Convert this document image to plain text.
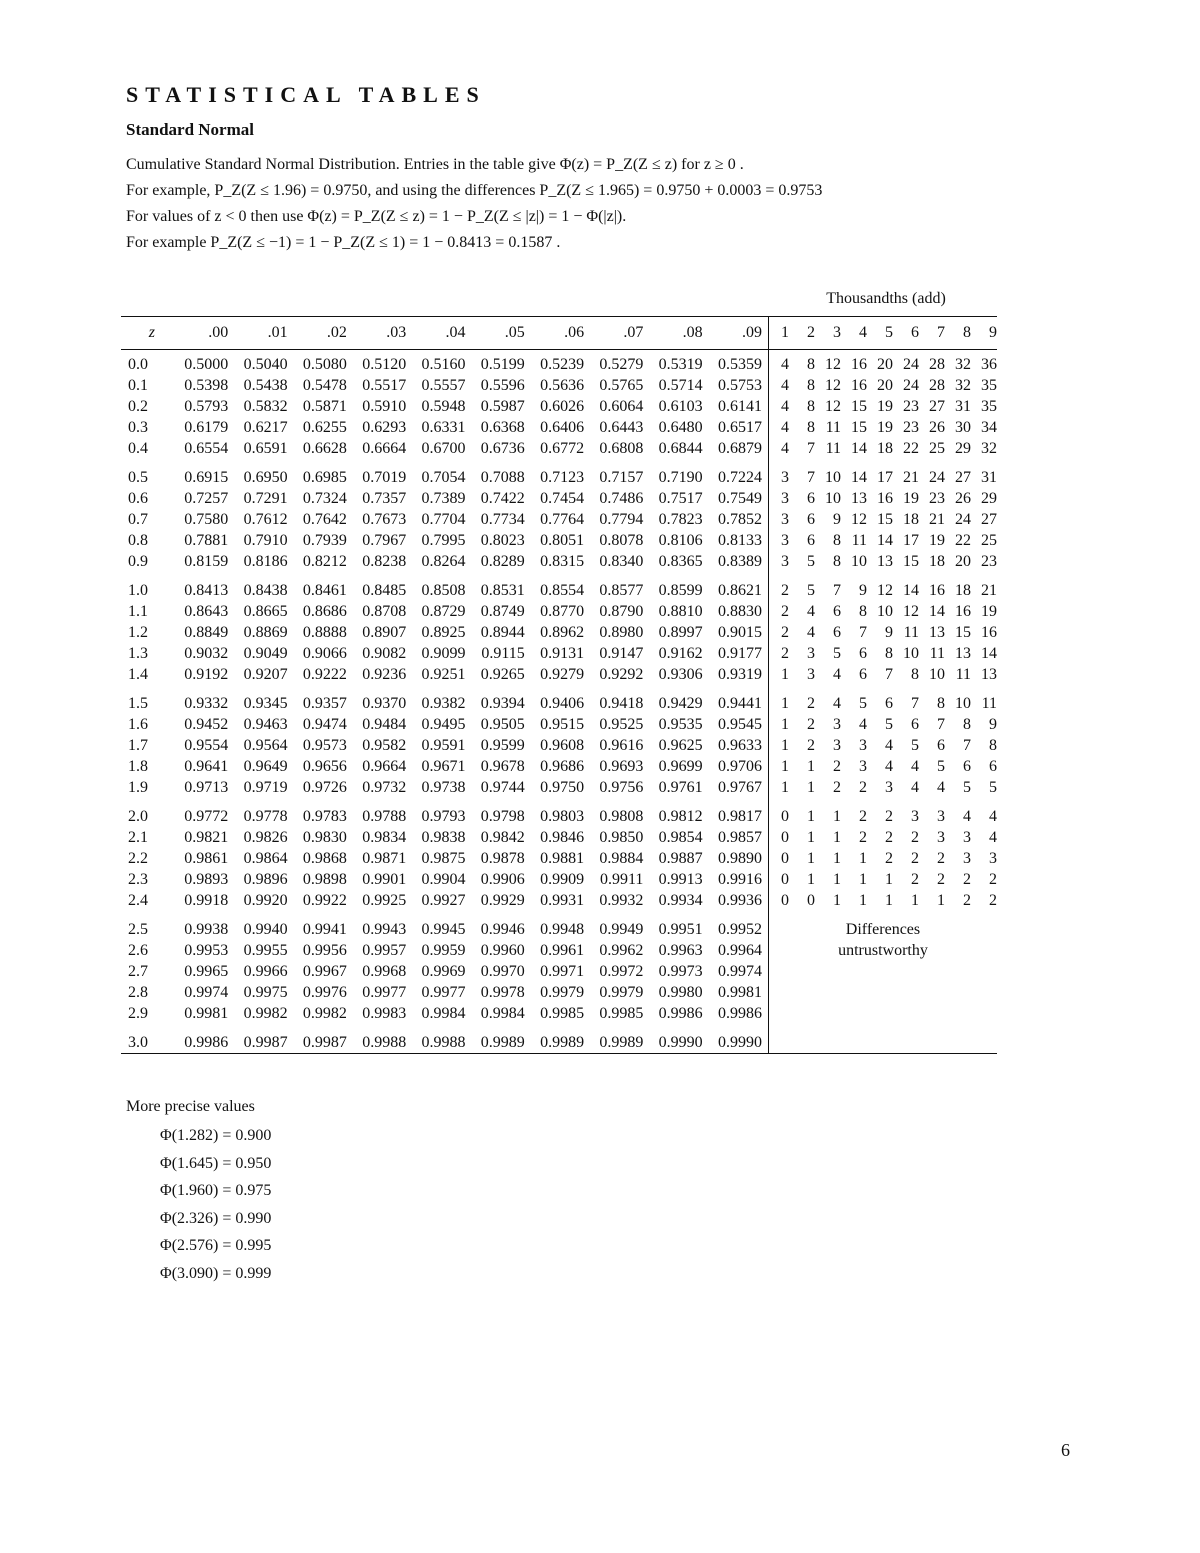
STATISTICAL TABLES
Standard Normal
Cumulative Standard Normal Distribution. Entries in the table give Φ(z) = P_Z(Z ≤ z) for z ≥ 0 .
For example, P_Z(Z ≤ 1.96) = 0.9750, and using the differences P_Z(Z ≤ 1.965) = 0.9750 + 0.0003 = 0.9753
For values of z < 0 then use Φ(z) = P_Z(Z ≤ z) = 1 − P_Z(Z ≤ |z|) = 1 − Φ(|z|).
For example P_Z(Z ≤ −1) = 1 − P_Z(Z ≤ 1) = 1 − 0.8413 = 0.1587 .
Thousandths (add)
z		.00	.01	.02	.03	.04	.05	.06	.07	.08	.09		1	2	3	4	5	6	7	8	9
0.0		0.5000	0.5040	0.5080	0.5120	0.5160	0.5199	0.5239	0.5279	0.5319	0.5359		4	8	12	16	20	24	28	32	36
0.1		0.5398	0.5438	0.5478	0.5517	0.5557	0.5596	0.5636	0.5765	0.5714	0.5753		4	8	12	16	20	24	28	32	35
0.2		0.5793	0.5832	0.5871	0.5910	0.5948	0.5987	0.6026	0.6064	0.6103	0.6141		4	8	12	15	19	23	27	31	35
0.3		0.6179	0.6217	0.6255	0.6293	0.6331	0.6368	0.6406	0.6443	0.6480	0.6517		4	8	11	15	19	23	26	30	34
0.4		0.6554	0.6591	0.6628	0.6664	0.6700	0.6736	0.6772	0.6808	0.6844	0.6879		4	7	11	14	18	22	25	29	32
0.5		0.6915	0.6950	0.6985	0.7019	0.7054	0.7088	0.7123	0.7157	0.7190	0.7224		3	7	10	14	17	21	24	27	31
0.6		0.7257	0.7291	0.7324	0.7357	0.7389	0.7422	0.7454	0.7486	0.7517	0.7549		3	6	10	13	16	19	23	26	29
0.7		0.7580	0.7612	0.7642	0.7673	0.7704	0.7734	0.7764	0.7794	0.7823	0.7852		3	6	9	12	15	18	21	24	27
0.8		0.7881	0.7910	0.7939	0.7967	0.7995	0.8023	0.8051	0.8078	0.8106	0.8133		3	6	8	11	14	17	19	22	25
0.9		0.8159	0.8186	0.8212	0.8238	0.8264	0.8289	0.8315	0.8340	0.8365	0.8389		3	5	8	10	13	15	18	20	23
1.0		0.8413	0.8438	0.8461	0.8485	0.8508	0.8531	0.8554	0.8577	0.8599	0.8621		2	5	7	9	12	14	16	18	21
1.1		0.8643	0.8665	0.8686	0.8708	0.8729	0.8749	0.8770	0.8790	0.8810	0.8830		2	4	6	8	10	12	14	16	19
1.2		0.8849	0.8869	0.8888	0.8907	0.8925	0.8944	0.8962	0.8980	0.8997	0.9015		2	4	6	7	9	11	13	15	16
1.3		0.9032	0.9049	0.9066	0.9082	0.9099	0.9115	0.9131	0.9147	0.9162	0.9177		2	3	5	6	8	10	11	13	14
1.4		0.9192	0.9207	0.9222	0.9236	0.9251	0.9265	0.9279	0.9292	0.9306	0.9319		1	3	4	6	7	8	10	11	13
1.5		0.9332	0.9345	0.9357	0.9370	0.9382	0.9394	0.9406	0.9418	0.9429	0.9441		1	2	4	5	6	7	8	10	11
1.6		0.9452	0.9463	0.9474	0.9484	0.9495	0.9505	0.9515	0.9525	0.9535	0.9545		1	2	3	4	5	6	7	8	9
1.7		0.9554	0.9564	0.9573	0.9582	0.9591	0.9599	0.9608	0.9616	0.9625	0.9633		1	2	3	3	4	5	6	7	8
1.8		0.9641	0.9649	0.9656	0.9664	0.9671	0.9678	0.9686	0.9693	0.9699	0.9706		1	1	2	3	4	4	5	6	6
1.9		0.9713	0.9719	0.9726	0.9732	0.9738	0.9744	0.9750	0.9756	0.9761	0.9767		1	1	2	2	3	4	4	5	5
2.0		0.9772	0.9778	0.9783	0.9788	0.9793	0.9798	0.9803	0.9808	0.9812	0.9817		0	1	1	2	2	3	3	4	4
2.1		0.9821	0.9826	0.9830	0.9834	0.9838	0.9842	0.9846	0.9850	0.9854	0.9857		0	1	1	2	2	2	3	3	4
2.2		0.9861	0.9864	0.9868	0.9871	0.9875	0.9878	0.9881	0.9884	0.9887	0.9890		0	1	1	1	2	2	2	3	3
2.3		0.9893	0.9896	0.9898	0.9901	0.9904	0.9906	0.9909	0.9911	0.9913	0.9916		0	1	1	1	1	2	2	2	2
2.4		0.9918	0.9920	0.9922	0.9925	0.9927	0.9929	0.9931	0.9932	0.9934	0.9936		0	0	1	1	1	1	1	2	2
2.5		0.9938	0.9940	0.9941	0.9943	0.9945	0.9946	0.9948	0.9949	0.9951	0.9952		Differences
untrustworthy								

2.6		0.9953	0.9955	0.9956	0.9957	0.9959	0.9960	0.9961	0.9962	0.9963	0.9964										
2.7		0.9965	0.9966	0.9967	0.9968	0.9969	0.9970	0.9971	0.9972	0.9973	0.9974										
2.8		0.9974	0.9975	0.9976	0.9977	0.9977	0.9978	0.9979	0.9979	0.9980	0.9981										
2.9		0.9981	0.9982	0.9982	0.9983	0.9984	0.9984	0.9985	0.9985	0.9986	0.9986										
3.0		0.9986	0.9987	0.9987	0.9988	0.9988	0.9989	0.9989	0.9989	0.9990	0.9990										
More precise values
Φ(1.282) = 0.900
Φ(1.645) = 0.950
Φ(1.960) = 0.975
Φ(2.326) = 0.990
Φ(2.576) = 0.995
Φ(3.090) = 0.999
6
